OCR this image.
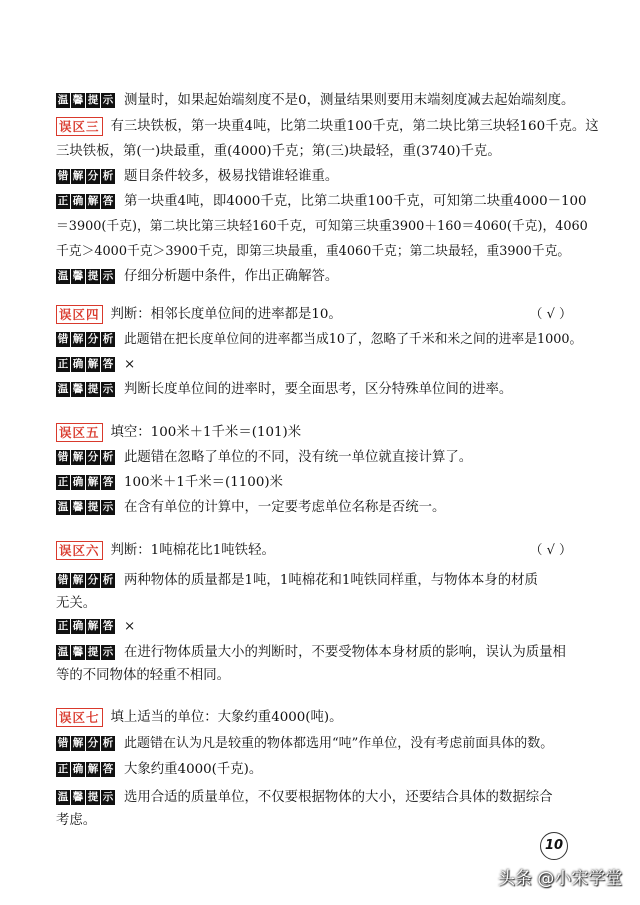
温 馨 提 示 测量时，如果起始端刻度不是0，测量结果则要用末端刻度减去起始端刻度。
误区三 有三块铁板，第一块重4吨，比第二块重100千克，第二块比第三块轻160千克。这
三块铁板，第(一)块最重，重(4000)千克；第(三)块最轻，重(3740)千克。
错 解 分 析 题目条件较多，极易找错谁轻谁重。
正 确 解 答 第一块重4吨，即4000千克，比第二块重100千克，可知第二块重4000－100
＝3900(千克)，第二块比第三块轻160千克，可知第三块重3900＋160＝4060(千克)，4060
千克＞4000千克＞3900千克，即第三块最重，重4060千克；第二块最轻，重3900千克。
温 馨 提 示 仔细分析题中条件，作出正确解答。
误区四 判断：相邻长度单位间的进率都是10。	（ √ ）
错 解 分 析 此题错在把长度单位间的进率都当成10了，忽略了千米和米之间的进率是1000。
正 确 解 答 ×
温 馨 提 示 判断长度单位间的进率时，要全面思考，区分特殊单位间的进率。
误区五 填空：100米＋1千米＝(101)米
错 解 分 析 此题错在忽略了单位的不同，没有统一单位就直接计算了。
正 确 解 答 100米＋1千米＝(1100)米
温 馨 提 示 在含有单位的计算中，一定要考虑单位名称是否统一。
误区六 判断：1吨棉花比1吨铁轻。	（ √ ）
错 解 分 析 两种物体的质量都是1吨，1吨棉花和1吨铁同样重，与物体本身的材质
无关。
正 确 解 答 ×
温 馨 提 示 在进行物体质量大小的判断时，不要受物体本身材质的影响，误认为质量相
等的不同物体的轻重不相同。
误区七 填上适当的单位：大象约重4000(吨)。
错 解 分 析 此题错在认为凡是较重的物体都选用“吨”作单位，没有考虑前面具体的数。
正 确 解 答 大象约重4000(千克)。
温 馨 提 示 选用合适的质量单位，不仅要根据物体的大小，还要结合具体的数据综合
考虑。
10
头条 @小宋学堂
